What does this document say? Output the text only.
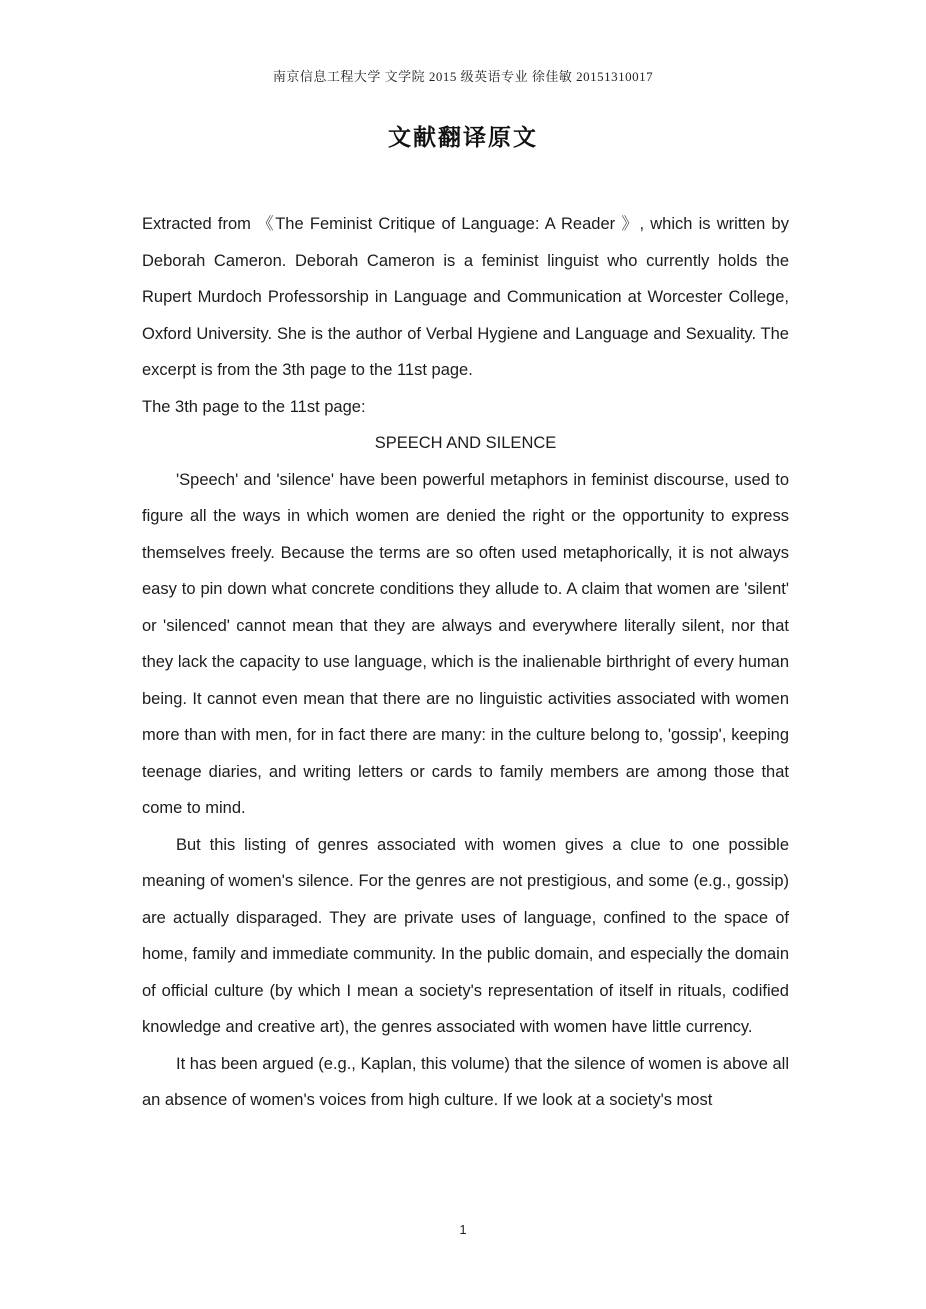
南京信息工程大学 文学院 2015 级英语专业 徐佳敏 20151310017
文献翻译原文

Extracted from 《The Feminist Critique of Language: A Reader 》, which is written by Deborah Cameron. Deborah Cameron is a feminist linguist who currently holds the Rupert Murdoch Professorship in Language and Communication at Worcester College, Oxford University. She is the author of Verbal Hygiene and Language and Sexuality. The excerpt is from the 3th page to the 11st page.

The 3th page to the 11st page:

SPEECH AND SILENCE

'Speech' and 'silence' have been powerful metaphors in feminist discourse, used to figure all the ways in which women are denied the right or the opportunity to express themselves freely. Because the terms are so often used metaphorically, it is not always easy to pin down what concrete conditions they allude to. A claim that women are 'silent' or 'silenced' cannot mean that they are always and everywhere literally silent, nor that they lack the capacity to use language, which is the inalienable birthright of every human being. It cannot even mean that there are no linguistic activities associated with women more than with men, for in fact there are many: in the culture belong to, 'gossip', keeping teenage diaries, and writing letters or cards to family members are among those that come to mind.

But this listing of genres associated with women gives a clue to one possible meaning of women's silence. For the genres are not prestigious, and some (e.g., gossip) are actually disparaged. They are private uses of language, confined to the space of home, family and immediate community. In the public domain, and especially the domain of official culture (by which I mean a society's representation of itself in rituals, codified knowledge and creative art), the genres associated with women have little currency.

It has been argued (e.g., Kaplan, this volume) that the silence of women is above all an absence of women's voices from high culture. If we look at a society's most

1
